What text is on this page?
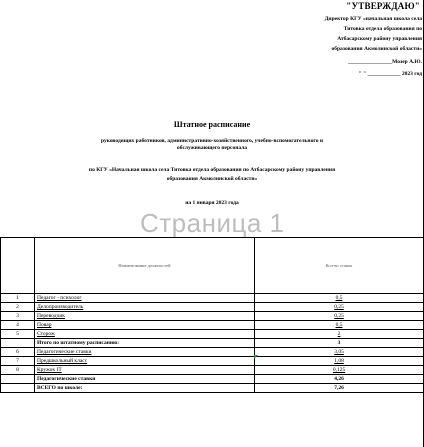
"УТВЕРЖДАЮ"
Директор КГУ «начальная школа села
Титовка отдела образования по
Атбасарскому району управления
образования Акмолинской области»
________________Мозер А.Ю.
" " ____________ 2023 год
Штатное расписание
руководящих работников, административно-хозяйственного, учебно-вспомогательного и
обслуживающего персонала
по КГУ «Начальная школа села Титовка отдела образования по Атбасарскому району управления
образования Акмолинской области»
на 1 января 2023 года
Страница 1
	Наименование должностей	Кол-во ставок
1	Педагог - психолог	0,5
2	Делопроизводитель	0,25
3	Переводчик	0,25
4	Повар	0,5
5	Сторож	2
	Итого по штатному расписанию:	3
6	Педагогические ставки	3,05
7	Предшкольный класс	1,08
8	Кружок IT	0,125
	Педагогические ставки	4,26
	ВСЕГО по школе:	7,26
